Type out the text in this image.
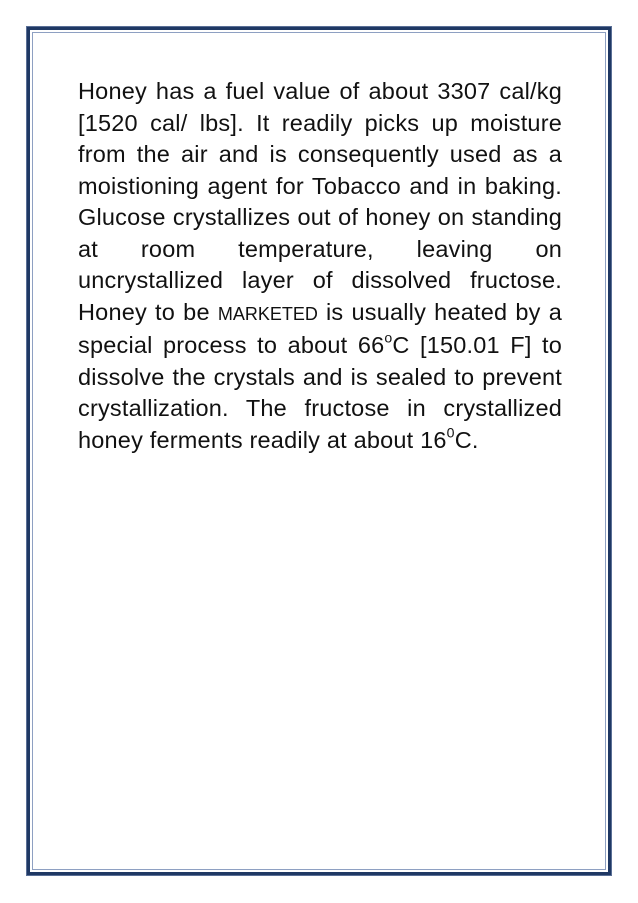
Honey has a fuel value of about 3307 cal/kg [1520 cal/ lbs]. It readily picks up moisture from the air and is consequently used as a moistioning agent for Tobacco and in baking. Glucose crystallizes out of honey on standing at room temperature, leaving on uncrystallized layer of dissolved fructose. Honey to be MARKETED is usually heated by a special process to about 66$^o$C [150.01 F] to dissolve the crystals and is sealed to prevent crystallization. The fructose in crystallized honey ferments readily at about $16^0C$.
